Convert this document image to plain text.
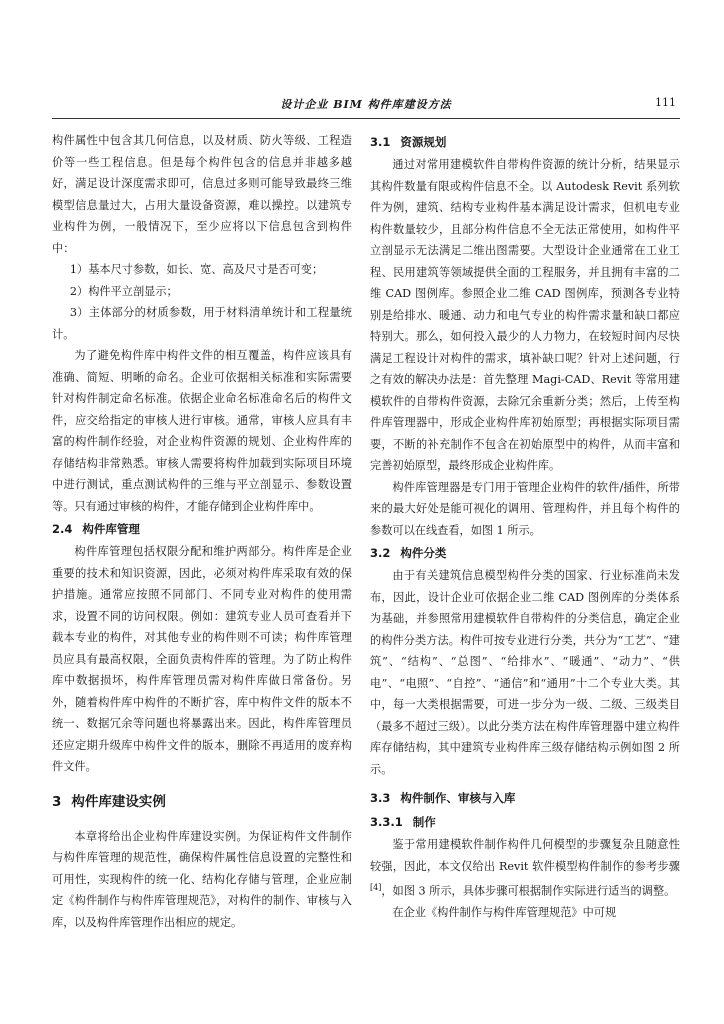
设计企业 BIM 构件库建设方法	111

构件属性中包含其几何信息，以及材质、防火等级、工程造价等一些工程信息。但是每个构件包含的信息并非越多越好，满足设计深度需求即可，信息过多则可能导致最终三维模型信息量过大，占用大量设备资源，难以操控。以建筑专业构件为例，一般情况下，至少应将以下信息包含到构件中：

1）基本尺寸参数，如长、宽、高及尺寸是否可变；

2）构件平立剖显示；

3）主体部分的材质参数，用于材料清单统计和工程量统计。

为了避免构件库中构件文件的相互覆盖，构件应该具有准确、简短、明晰的命名。企业可依据相关标准和实际需要针对构件制定命名标准。依据企业命名标准命名后的构件文件，应交给指定的审核人进行审核。通常，审核人应具有丰富的构件制作经验，对企业构件资源的规划、企业构件库的存储结构非常熟悉。审核人需要将构件加载到实际项目环境中进行测试，重点测试构件的三维与平立剖显示、参数设置等。只有通过审核的构件，才能存储到企业构件库中。

2.4 构件库管理

构件库管理包括权限分配和维护两部分。构件库是企业重要的技术和知识资源，因此，必须对构件库采取有效的保护措施。通常应按照不同部门、不同专业对构件的使用需求，设置不同的访问权限。例如：建筑专业人员可查看并下载本专业的构件，对其他专业的构件则不可读；构件库管理员应具有最高权限，全面负责构件库的管理。为了防止构件库中数据损坏，构件库管理员需对构件库做日常备份。另外，随着构件库中构件的不断扩容，库中构件文件的版本不统一、数据冗余等问题也将暴露出来。因此，构件库管理员还应定期升级库中构件文件的版本，删除不再适用的废弃构件文件。

3 构件库建设实例

本章将给出企业构件库建设实例。为保证构件文件制作与构件库管理的规范性，确保构件属性信息设置的完整性和可用性，实现构件的统一化、结构化存储与管理，企业应制定《构件制作与构件库管理规范》，对构件的制作、审核与入库，以及构件库管理作出相应的规定。

3.1 资源规划

通过对常用建模软件自带构件资源的统计分析，结果显示其构件数量有限或构件信息不全。以 Autodesk Revit 系列软件为例，建筑、结构专业构件基本满足设计需求，但机电专业构件数量较少，且部分构件信息不全无法正常使用，如构件平立剖显示无法满足二维出图需要。大型设计企业通常在工业工程、民用建筑等领域提供全面的工程服务，并且拥有丰富的二维 CAD 图例库。参照企业二维 CAD 图例库，预测各专业特别是给排水、暖通、动力和电气专业的构件需求量和缺口都应特别大。那么，如何投入最少的人力物力，在较短时间内尽快满足工程设计对构件的需求，填补缺口呢？针对上述问题，行之有效的解决办法是：首先整理 Magi-CAD、Revit 等常用建模软件的自带构件资源，去除冗余重新分类；然后，上传至构件库管理器中，形成企业构件库初始原型；再根据实际项目需要，不断的补充制作不包含在初始原型中的构件，从而丰富和完善初始原型，最终形成企业构件库。

构件库管理器是专门用于管理企业构件的软件/插件，所带来的最大好处是能可视化的调用、管理构件，并且每个构件的参数可以在线查看，如图 1 所示。

3.2 构件分类

由于有关建筑信息模型构件分类的国家、行业标准尚未发布，因此，设计企业可依据企业二维 CAD 图例库的分类体系为基础，并参照常用建模软件自带构件的分类信息，确定企业的构件分类方法。构件可按专业进行分类，共分为“工艺”、“建筑”、“结构”、“总图”、“给排水”、“暖通”、“动力”、“供电”、“电照”、“自控”、“通信”和“通用”十二个专业大类。其中，每一大类根据需要，可进一步分为一级、二级、三级类目（最多不超过三级）。以此分类方法在构件库管理器中建立构件库存储结构，其中建筑专业构件库三级存储结构示例如图 2 所示。

3.3 构件制作、审核与入库
3.3.1 制作

鉴于常用建模软件制作构件几何模型的步骤复杂且随意性较强，因此，本文仅给出 Revit 软件模型构件制作的参考步骤[4]，如图 3 所示，具体步骤可根据制作实际进行适当的调整。

在企业《构件制作与构件库管理规范》中可规
